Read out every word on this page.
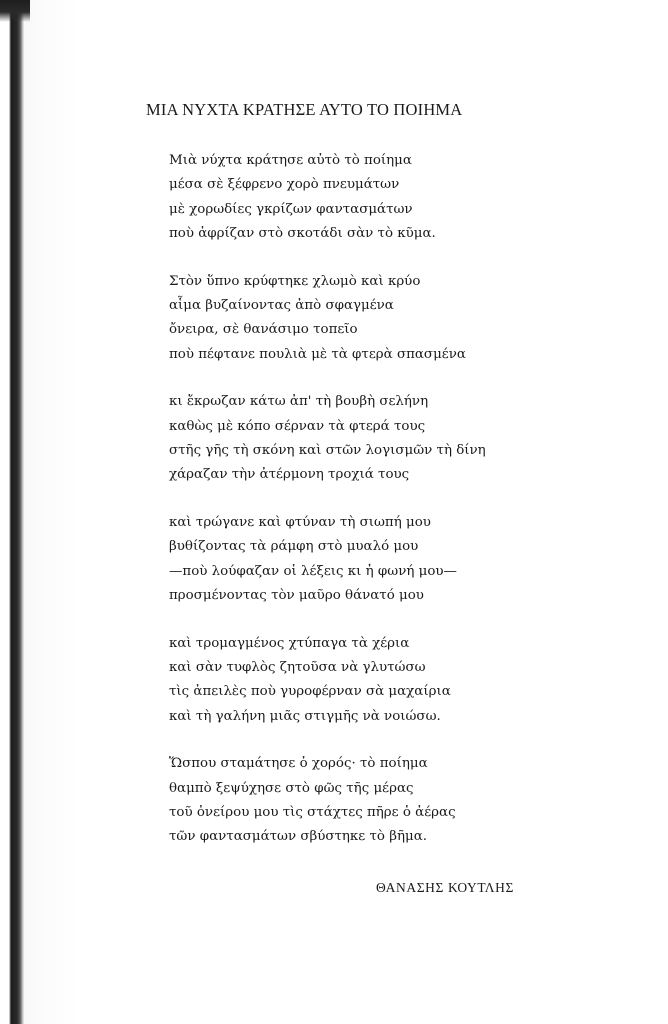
ΜΙΑ ΝΥΧΤΑ ΚΡΑΤΗΣΕ ΑΥΤΟ ΤΟ ΠΟΙΗΜΑ
Μιὰ νύχτα κράτησε αὐτὸ τὸ ποίημα
μέσα σὲ ξέφρενο χορὸ πνευμάτων
μὲ χορωδίες γκρίζων φαντασμάτων
ποὺ ἀφρίζαν στὸ σκοτάδι σὰν τὸ κῦμα.
Στὸν ὕπνο κρύφτηκε χλωμὸ καὶ κρύο
αἷμα βυζαίνοντας ἀπὸ σφαγμένα
ὄνειρα, σὲ θανάσιμο τοπεῖο
ποὺ πέφτανε πουλιὰ μὲ τὰ φτερὰ σπασμένα
κι ἔκρωζαν κάτω ἀπ' τὴ βουβὴ σελήνη
καθὼς μὲ κόπο σέρναν τὰ φτερά τους
στῆς γῆς τὴ σκόνη καὶ στῶν λογισμῶν τὴ δίνη
χάραζαν τὴν ἀτέρμονη τροχιά τους
καὶ τρώγανε καὶ φτύναν τὴ σιωπή μου
βυθίζοντας τὰ ράμφη στὸ μυαλό μου
—ποὺ λούφαζαν οἱ λέξεις κι ἡ φωνή μου—
προσμένοντας τὸν μαῦρο θάνατό μου
καὶ τρομαγμένος χτύπαγα τὰ χέρια
καὶ σὰν τυφλὸς ζητοῦσα νὰ γλυτώσω
τὶς ἀπειλὲς ποὺ γυροφέρναν σὰ μαχαίρια
καὶ τὴ γαλήνη μιᾶς στιγμῆς νὰ νοιώσω.
Ὥσπου σταμάτησε ὁ χορός· τὸ ποίημα
θαμπὸ ξεψύχησε στὸ φῶς τῆς μέρας
τοῦ ὀνείρου μου τὶς στάχτες πῆρε ὁ ἀέρας
τῶν φαντασμάτων σβύστηκε τὸ βῆμα.
ΘΑΝΑΣΗΣ ΚΟΥΤΛΗΣ
